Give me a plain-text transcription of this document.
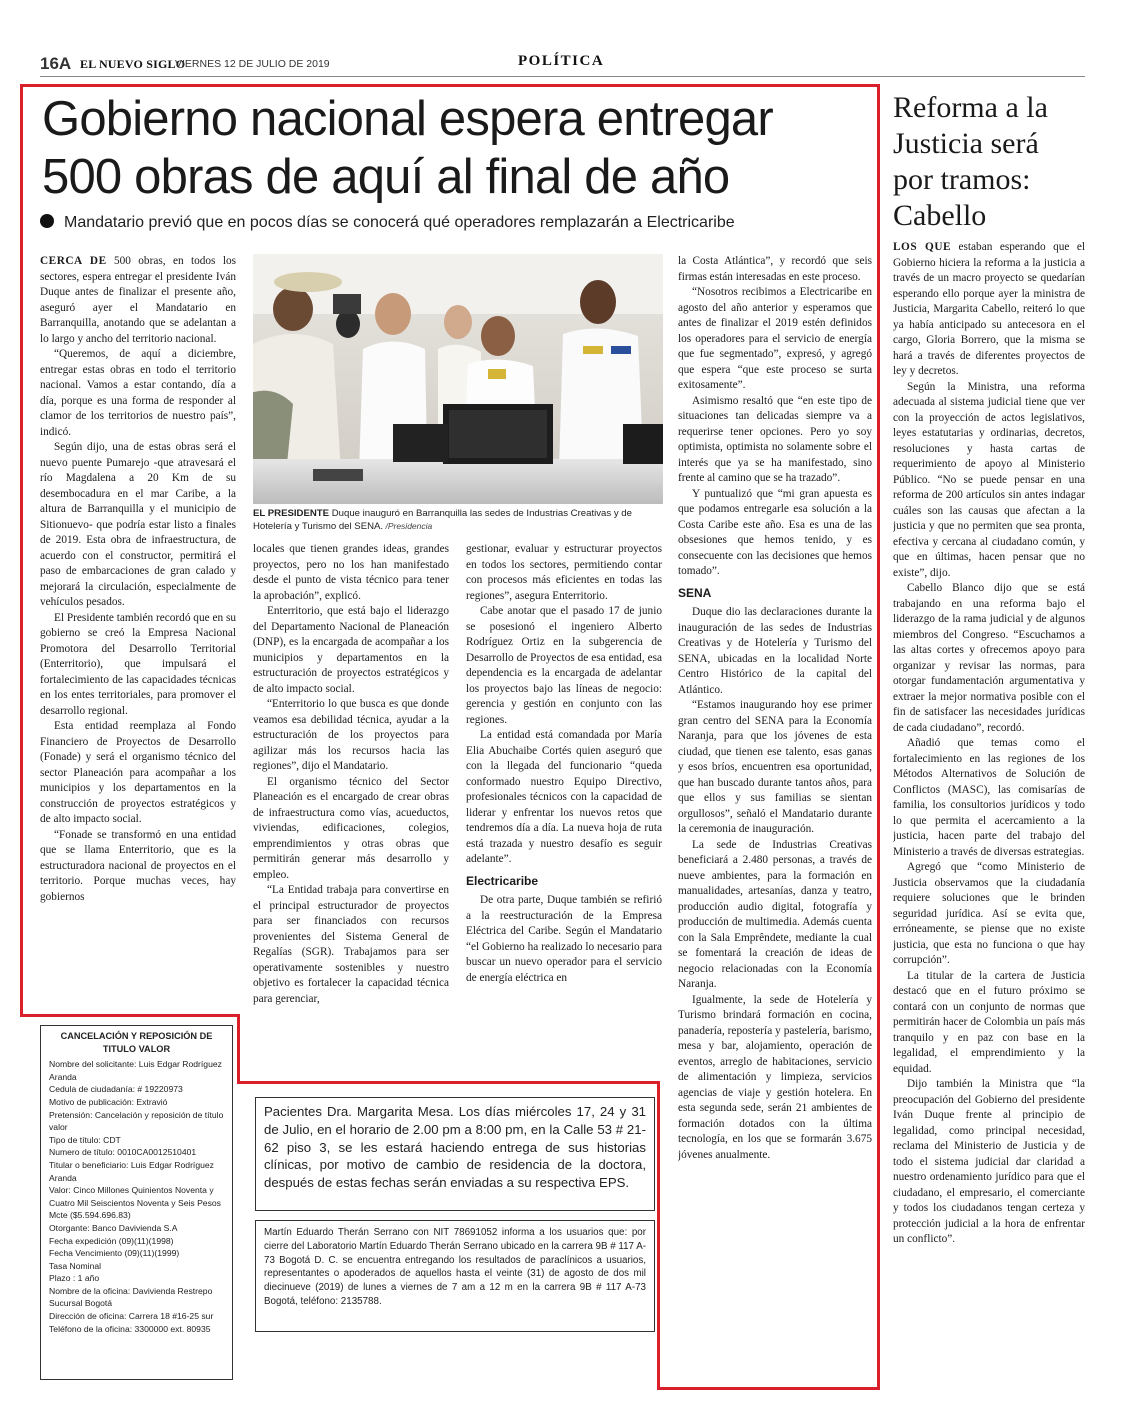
16A EL NUEVO SIGLO
VIERNES 12 DE JULIO DE 2019	POLÍTICA
Gobierno nacional espera entregar 500 obras de aquí al final de año
Mandatario previó que en pocos días se conocerá qué operadores remplazarán a Electricaribe

CERCA DE 500 obras, en todos los sectores, espera entregar el presidente Iván Duque antes de finalizar el presente año, aseguró ayer el Mandatario en Barranquilla, anotando que se adelantan a lo largo y ancho del territorio nacional.

“Queremos, de aquí a diciembre, entregar estas obras en todo el territorio nacional. Vamos a estar contando, día a día, porque es una forma de responder al clamor de los territorios de nuestro país”, indicó.

Según dijo, una de estas obras será el nuevo puente Pumarejo -que atravesará el río Magdalena a 20 Km de su desembocadura en el mar Caribe, a la altura de Barranquilla y el municipio de Sitionuevo- que podría estar listo a finales de 2019. Esta obra de infraestructura, de acuerdo con el constructor, permitirá el paso de embarcaciones de gran calado y mejorará la circulación, especialmente de vehículos pesados.

El Presidente también recordó que en su gobierno se creó la Empresa Nacional Promotora del Desarrollo Territorial (Enterritorio), que impulsará el fortalecimiento de las capacidades técnicas en los entes territoriales, para promover el desarrollo regional.

Esta entidad reemplaza al Fondo Financiero de Proyectos de Desarrollo (Fonade) y será el organismo técnico del sector Planeación para acompañar a los municipios y los departamentos en la construcción de proyectos estratégicos y de alto impacto social.

“Fonade se transformó en una entidad que se llama Enterritorio, que es la estructuradora nacional de proyectos en el territorio. Porque muchas veces, hay gobiernos

EL PRESIDENTE Duque inauguró en Barranquilla las sedes de Industrias Creativas y de Hotelería y Turismo del SENA. /Presidencia

locales que tienen grandes ideas, grandes proyectos, pero no los han manifestado desde el punto de vista técnico para tener la aprobación”, explicó.

Enterritorio, que está bajo el liderazgo del Departamento Nacional de Planeación (DNP), es la encargada de acompañar a los municipios y departamentos en la estructuración de proyectos estratégicos y de alto impacto social.

“Enterritorio lo que busca es que donde veamos esa debilidad técnica, ayudar a la estructuración de los proyectos para agilizar más los recursos hacia las regiones”, dijo el Mandatario.

El organismo técnico del Sector Planeación es el encargado de crear obras de infraestructura como vías, acueductos, viviendas, edificaciones, colegios, emprendimientos y otras obras que permitirán generar más desarrollo y empleo.

“La Entidad trabaja para convertirse en el principal estructurador de proyectos para ser financiados con recursos provenientes del Sistema General de Regalías (SGR). Trabajamos para ser operativamente sostenibles y nuestro objetivo es fortalecer la capacidad técnica para gerenciar,

gestionar, evaluar y estructurar proyectos en todos los sectores, permitiendo contar con procesos más eficientes en todas las regiones”, asegura Enterritorio.

Cabe anotar que el pasado 17 de junio se posesionó el ingeniero Alberto Rodríguez Ortiz en la subgerencia de Desarrollo de Proyectos de esa entidad, esa dependencia es la encargada de adelantar los proyectos bajo las líneas de negocio: gerencia y gestión en conjunto con las regiones.

La entidad está comandada por María Elia Abuchaibe Cortés quien aseguró que con la llegada del funcionario “queda conformado nuestro Equipo Directivo, profesionales técnicos con la capacidad de liderar y enfrentar los nuevos retos que tendremos día a día. La nueva hoja de ruta está trazada y nuestro desafío es seguir adelante”.

Electricaribe

De otra parte, Duque también se refirió a la reestructuración de la Empresa Eléctrica del Caribe. Según el Mandatario “el Gobierno ha realizado lo necesario para buscar un nuevo operador para el servicio de energía eléctrica en

la Costa Atlántica”, y recordó que seis firmas están interesadas en este proceso.

“Nosotros recibimos a Electricaribe en agosto del año anterior y esperamos que antes de finalizar el 2019 estén definidos los operadores para el servicio de energía que fue segmentado”, expresó, y agregó que espera “que este proceso se surta exitosamente”.

Asimismo resaltó que “en este tipo de situaciones tan delicadas siempre va a requerirse tener opciones. Pero yo soy optimista, optimista no solamente sobre el interés que ya se ha manifestado, sino frente al camino que se ha trazado”.

Y puntualizó que “mi gran apuesta es que podamos entregarle esa solución a la Costa Caribe este año. Esa es una de las obsesiones que hemos tenido, y es consecuente con las decisiones que hemos tomado”.

SENA

Duque dio las declaraciones durante la inauguración de las sedes de Industrias Creativas y de Hotelería y Turismo del SENA, ubicadas en la localidad Norte Centro Histórico de la capital del Atlántico.

“Estamos inaugurando hoy ese primer gran centro del SENA para la Economía Naranja, para que los jóvenes de esta ciudad, que tienen ese talento, esas ganas y esos bríos, encuentren esa oportunidad, que han buscado durante tantos años, para que ellos y sus familias se sientan orgullosos”, señaló el Mandatario durante la ceremonia de inauguración.

La sede de Industrias Creativas beneficiará a 2.480 personas, a través de nueve ambientes, para la formación en manualidades, artesanías, danza y teatro, producción audio digital, fotografía y producción de multimedia. Además cuenta con la Sala Emprêndete, mediante la cual se fomentará la creación de ideas de negocio relacionadas con la Economía Naranja.

Igualmente, la sede de Hotelería y Turismo brindará formación en cocina, panadería, repostería y pastelería, barismo, mesa y bar, alojamiento, operación de eventos, arreglo de habitaciones, servicio de alimentación y limpieza, servicios agencias de viaje y gestión hotelera. En esta segunda sede, serán 21 ambientes de formación dotados con la última tecnología, en los que se formarán 3.675 jóvenes anualmente.

Reforma a la Justicia será por tramos: Cabello

LOS QUE estaban esperando que el Gobierno hiciera la reforma a la justicia a través de un macro proyecto se quedarían esperando ello porque ayer la ministra de Justicia, Margarita Cabello, reiteró lo que ya había anticipado su antecesora en el cargo, Gloria Borrero, que la misma se hará a través de diferentes proyectos de ley y decretos.

Según la Ministra, una reforma adecuada al sistema judicial tiene que ver con la proyección de actos legislativos, leyes estatutarias y ordinarias, decretos, resoluciones y hasta cartas de requerimiento de apoyo al Ministerio Público. “No se puede pensar en una reforma de 200 artículos sin antes indagar cuáles son las causas que afectan a la justicia y que no permiten que sea pronta, efectiva y cercana al ciudadano común, y que en últimas, hacen pensar que no existe”, dijo.

Cabello Blanco dijo que se está trabajando en una reforma bajo el liderazgo de la rama judicial y de algunos miembros del Congreso. “Escuchamos a las altas cortes y ofrecemos apoyo para organizar y revisar las normas, para otorgar fundamentación argumentativa y extraer la mejor normativa posible con el fin de satisfacer las necesidades jurídicas de cada ciudadano”, recordó.

Añadió que temas como el fortalecimiento en las regiones de los Métodos Alternativos de Solución de Conflictos (MASC), las comisarías de familia, los consultorios jurídicos y todo lo que permita el acercamiento a la justicia, hacen parte del trabajo del Ministerio a través de diversas estrategias.

Agregó que “como Ministerio de Justicia observamos que la ciudadanía requiere soluciones que le brinden seguridad jurídica. Así se evita que, erróneamente, se piense que no existe justicia, que esta no funciona o que hay corrupción”.

La titular de la cartera de Justicia destacó que en el futuro próximo se contará con un conjunto de normas que permitirán hacer de Colombia un país más tranquilo y en paz con base en la legalidad, el emprendimiento y la equidad.

Dijo también la Ministra que “la preocupación del Gobierno del presidente Iván Duque frente al principio de legalidad, como principal necesidad, reclama del Ministerio de Justicia y de todo el sistema judicial dar claridad a nuestro ordenamiento jurídico para que el ciudadano, el empresario, el comerciante y todos los ciudadanos tengan certeza y protección judicial a la hora de enfrentar un conflicto”.

CANCELACIÓN Y REPOSICIÓN DE TITULO VALOR
Nombre del solicitante: Luis Edgar Rodríguez Aranda
Cedula de ciudadanía: # 19220973
Motivo de publicación: Extravió
Pretensión: Cancelación y reposición de título valor
Tipo de título: CDT
Numero de título: 0010CA0012510401
Titular o beneficiario: Luis Edgar Rodríguez Aranda
Valor: Cinco Millones Quinientos Noventa y Cuatro Mil Seiscientos Noventa y Seis Pesos Mcte ($5.594.696.83)
Otorgante: Banco Davivienda S.A
Fecha expedición (09)(11)(1998)
Fecha Vencimiento (09)(11)(1999)
Tasa Nominal
Plazo : 1 año
Nombre de la oficina: Davivienda Restrepo Sucursal Bogotá
Dirección de oficina: Carrera 18 #16-25 sur
Teléfono de la oficina: 3300000 ext. 80935
Pacientes Dra. Margarita Mesa. Los días miércoles 17, 24 y 31 de Julio, en el horario de 2.00 pm a 8:00 pm, en la Calle 53 # 21- 62 piso 3, se les estará haciendo entrega de sus historias clínicas, por motivo de cambio de residencia de la doctora, después de estas fechas serán enviadas a su respectiva EPS.
Martín Eduardo Therán Serrano con NIT 78691052 informa a los usuarios que: por cierre del Laboratorio Martín Eduardo Therán Serrano ubicado en la carrera 9B # 117 A-73 Bogotá D. C. se encuentra entregando los resultados de paraclínicos a usuarios, representantes o apoderados de aquellos hasta el veinte (31) de agosto de dos mil diecinueve (2019) de lunes a viernes de 7 am a 12 m en la carrera 9B # 117 A-73 Bogotá, teléfono: 2135788.
